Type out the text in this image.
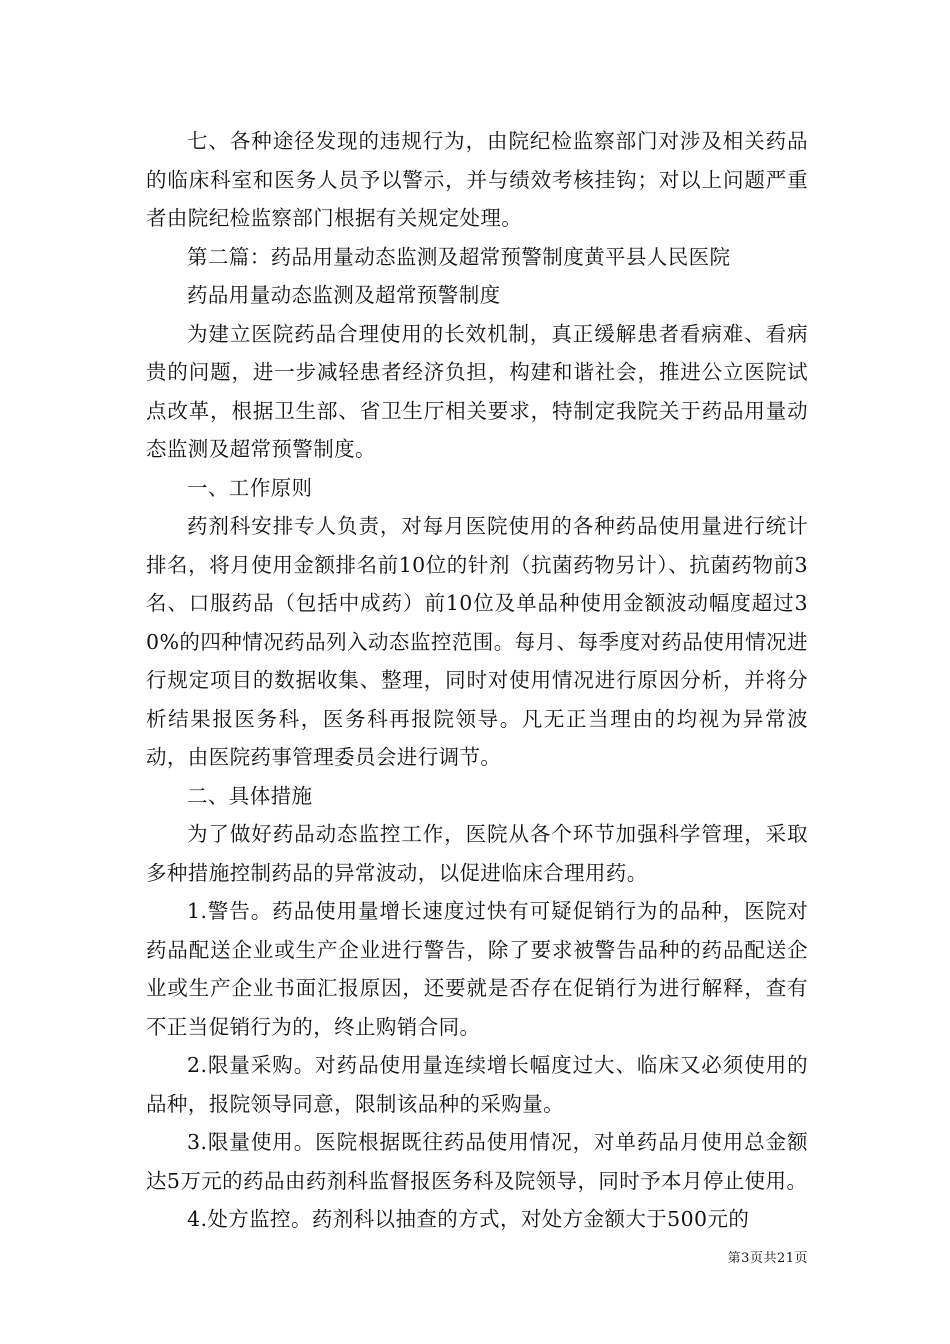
七、各种途径发现的违规行为，由院纪检监察部门对涉及相关药品的临床科室和医务人员予以警示，并与绩效考核挂钩；对以上问题严重者由院纪检监察部门根据有关规定处理。

第二篇：药品用量动态监测及超常预警制度黄平县人民医院

药品用量动态监测及超常预警制度

为建立医院药品合理使用的长效机制，真正缓解患者看病难、看病贵的问题，进一步减轻患者经济负担，构建和谐社会，推进公立医院试点改革，根据卫生部、省卫生厅相关要求，特制定我院关于药品用量动态监测及超常预警制度。

一、工作原则

药剂科安排专人负责，对每月医院使用的各种药品使用量进行统计排名，将月使用金额排名前10位的针剂（抗菌药物另计）、抗菌药物前3名、口服药品（包括中成药）前10位及单品种使用金额波动幅度超过30%的四种情况药品列入动态监控范围。每月、每季度对药品使用情况进行规定项目的数据收集、整理，同时对使用情况进行原因分析，并将分析结果报医务科，医务科再报院领导。凡无正当理由的均视为异常波动，由医院药事管理委员会进行调节。

二、具体措施

为了做好药品动态监控工作，医院从各个环节加强科学管理，采取多种措施控制药品的异常波动，以促进临床合理用药。

1.警告。药品使用量增长速度过快有可疑促销行为的品种，医院对药品配送企业或生产企业进行警告，除了要求被警告品种的药品配送企业或生产企业书面汇报原因，还要就是否存在促销行为进行解释，查有不正当促销行为的，终止购销合同。

2.限量采购。对药品使用量连续增长幅度过大、临床又必须使用的品种，报院领导同意，限制该品种的采购量。

3.限量使用。医院根据既往药品使用情况，对单药品月使用总金额达5万元的药品由药剂科监督报医务科及院领导，同时予本月停止使用。

4.处方监控。药剂科以抽查的方式，对处方金额大于500元的

第3页共21页
